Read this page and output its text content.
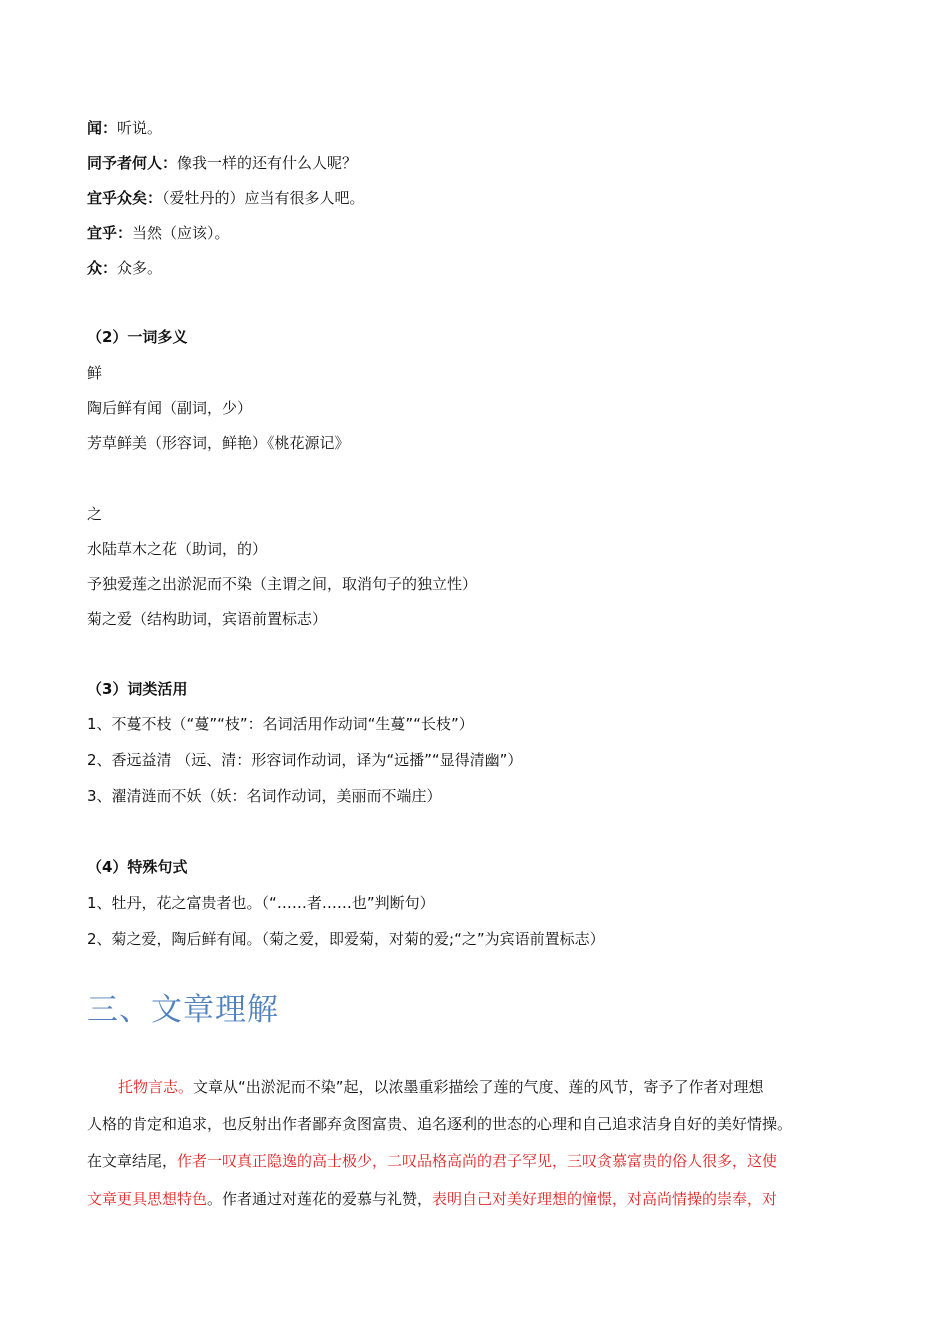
闻：听说。
同予者何人：像我一样的还有什么人呢？
宜乎众矣：（爱牡丹的）应当有很多人吧。
宜乎：当然（应该）。
众：众多。
（2）一词多义
鲜
陶后鲜有闻（副词，少）
芳草鲜美（形容词，鲜艳）《桃花源记》
之
水陆草木之花（助词，的）
予独爱莲之出淤泥而不染（主谓之间，取消句子的独立性）
菊之爱（结构助词，宾语前置标志）
（3）词类活用
1、不蔓不枝（“蔓”“枝”：名词活用作动词“生蔓”“长枝”）
2、香远益清 （远、清：形容词作动词，译为“远播”“显得清幽”）
3、濯清涟而不妖（妖：名词作动词，美丽而不端庄）
（4）特殊句式
1、牡丹，花之富贵者也。（“……者……也”判断句）
2、菊之爱，陶后鲜有闻。（菊之爱，即爱菊，对菊的爱;“之”为宾语前置标志）
三、文章理解
托物言志。文章从“出淤泥而不染”起，以浓墨重彩描绘了莲的气度、莲的风节，寄予了作者对理想
人格的肯定和追求，也反射出作者鄙弃贪图富贵、追名逐利的世态的心理和自己追求洁身自好的美好情操。
在文章结尾，作者一叹真正隐逸的高士极少，二叹品格高尚的君子罕见，三叹贪慕富贵的俗人很多，这使
文章更具思想特色。作者通过对莲花的爱慕与礼赞，表明自己对美好理想的憧憬，对高尚情操的崇奉，对
